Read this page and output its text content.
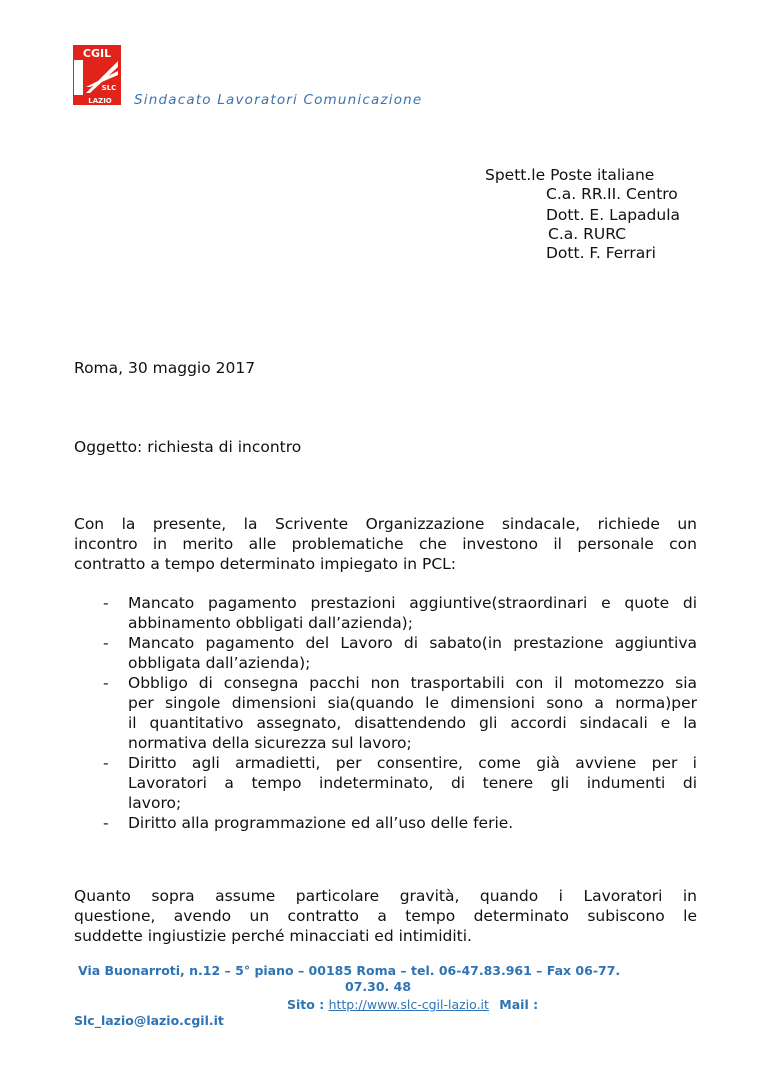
CGIL
ROMA
SLC
LAZIO Sindacato Lavoratori Comunicazione
Spett.le Poste italiane
C.a. RR.II. Centro
Dott. E. Lapadula
C.a. RURC
Dott. F. Ferrari
Roma, 30 maggio 2017
Oggetto: richiesta di incontro
Con la presente, la Scrivente Organizzazione sindacale, richiede un
incontro in merito alle problematiche che investono il personale con
contratto a tempo determinato impiegato in PCL:
- Mancato pagamento prestazioni aggiuntive(straordinari e quote di
abbinamento obbligati dall’azienda);
- Mancato pagamento del Lavoro di sabato(in prestazione aggiuntiva
obbligata dall’azienda);
- Obbligo di consegna pacchi non trasportabili con il motomezzo sia
per singole dimensioni sia(quando le dimensioni sono a norma)per
il quantitativo assegnato, disattendendo gli accordi sindacali e la
normativa della sicurezza sul lavoro;
- Diritto agli armadietti, per consentire, come già avviene per i
Lavoratori a tempo indeterminato, di tenere gli indumenti di
lavoro;
- Diritto alla programmazione ed all’uso delle ferie.
Quanto sopra assume particolare gravità, quando i Lavoratori in
questione, avendo un contratto a tempo determinato subiscono le
suddette ingiustizie perché minacciati ed intimiditi.
Via Buonarroti, n.12 – 5° piano – 00185 Roma – tel. 06-47.83.961 – Fax 06-77.
07.30. 48
Sito : http://www.slc-cgil-lazio.it Mail :
Slc_lazio@lazio.cgil.it
